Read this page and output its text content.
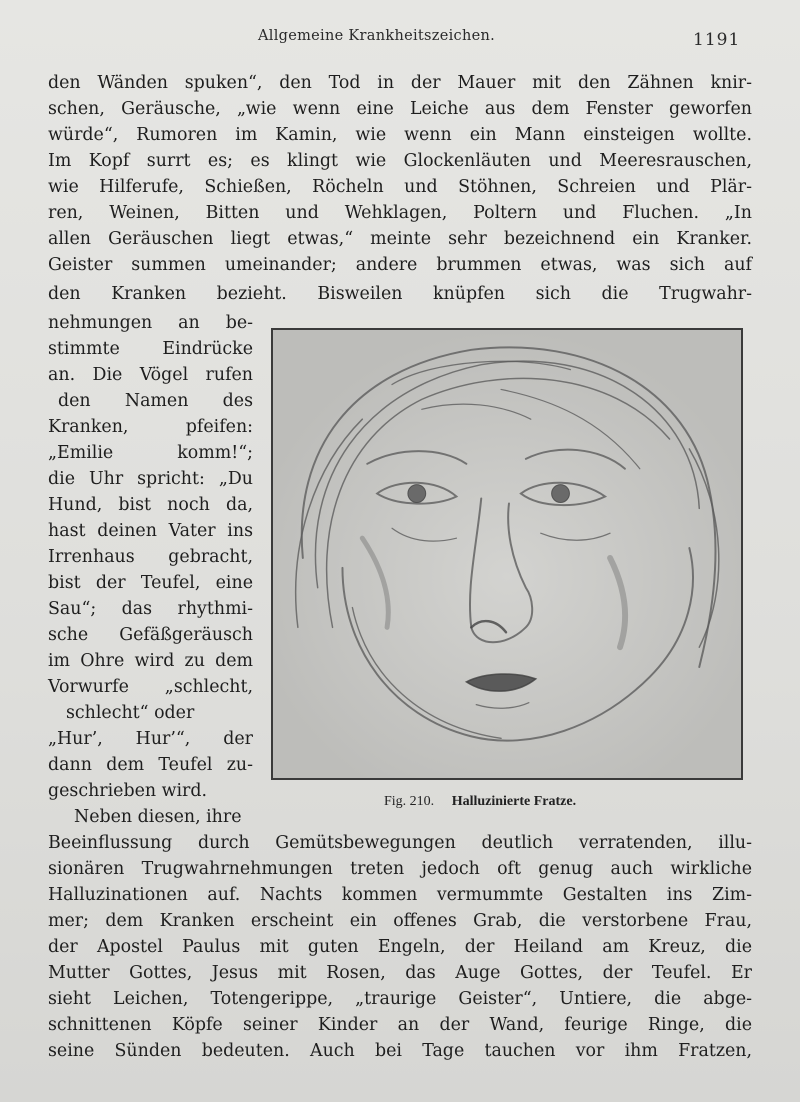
Allgemeine Krankheitszeichen.	1191
den Wänden spuken“, den Tod in der Mauer mit den Zähnen knir-
schen, Geräusche, „wie wenn eine Leiche aus dem Fenster geworfen
würde“, Rumoren im Kamin, wie wenn ein Mann einsteigen wollte.
Im Kopf surrt es; es klingt wie Glockenläuten und Meeresrauschen,
wie Hilferufe, Schießen, Röcheln und Stöhnen, Schreien und Plär-
ren, Weinen, Bitten und Wehklagen, Poltern und Fluchen. „In
allen Geräuschen liegt etwas,“ meinte sehr bezeichnend ein Kranker.
Geister summen umeinander; andere brummen etwas, was sich auf
den Kranken bezieht. Bisweilen knüpfen sich die Trugwahr-
nehmungen an be-
stimmte Eindrücke
an. Die Vögel rufen
den Namen des
Kranken, pfeifen:
„Emilie komm!“;
die Uhr spricht: „Du
Hund, bist noch da,
hast deinen Vater ins
Irrenhaus gebracht,
bist der Teufel, eine
Sau“; das rhythmi-
sche Gefäßgeräusch
im Ohre wird zu dem
Vorwurfe „schlecht,
schlecht“ oder
„Hur’, Hur’“, der
dann dem Teufel zu-
geschrieben wird.
Neben diesen, ihre
Fig. 210. Halluzinierte Fratze.
Beeinflussung durch Gemütsbewegungen deutlich verratenden, illu-
sionären Trugwahrnehmungen treten jedoch oft genug auch wirkliche
Halluzinationen auf. Nachts kommen vermummte Gestalten ins Zim-
mer; dem Kranken erscheint ein offenes Grab, die verstorbene Frau,
der Apostel Paulus mit guten Engeln, der Heiland am Kreuz, die
Mutter Gottes, Jesus mit Rosen, das Auge Gottes, der Teufel. Er
sieht Leichen, Totengerippe, „traurige Geister“, Untiere, die abge-
schnittenen Köpfe seiner Kinder an der Wand, feurige Ringe, die
seine Sünden bedeuten. Auch bei Tage tauchen vor ihm Fratzen,
